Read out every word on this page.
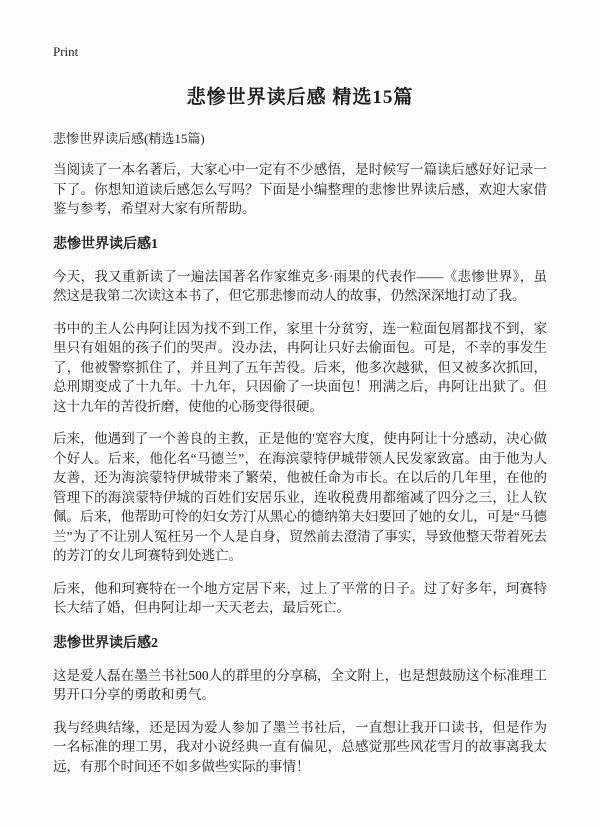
Print
悲惨世界读后感 精选15篇
悲惨世界读后感(精选15篇)

当阅读了一本名著后，大家心中一定有不少感悟，是时候写一篇读后感好好记录一下了。你想知道读后感怎么写吗？下面是小编整理的悲惨世界读后感，欢迎大家借鉴与参考，希望对大家有所帮助。

悲惨世界读后感1

今天，我又重新读了一遍法国著名作家维克多·雨果的代表作——《悲惨世界》，虽然这是我第二次读这本书了，但它那悲惨而动人的故事，仍然深深地打动了我。

书中的主人公冉阿让因为找不到工作，家里十分贫穷，连一粒面包屑都找不到，家里只有姐姐的孩子们的哭声。没办法，冉阿让只好去偷面包。可是，不幸的事发生了，他被警察抓住了，并且判了五年苦役。后来，他多次越狱，但又被多次抓回，总刑期变成了十九年。十九年，只因偷了一块面包！刑满之后，冉阿让出狱了。但这十九年的苦役折磨，使他的心肠变得很硬。

后来，他遇到了一个善良的主教，正是他的'宽容大度，使冉阿让十分感动，决心做个好人。后来，他化名“马德兰”，在海滨蒙特伊城带领人民发家致富。由于他为人友善，还为海滨蒙特伊城带来了繁荣，他被任命为市长。在以后的几年里，在他的管理下的海滨蒙特伊城的百姓们安居乐业，连收税费用都缩减了四分之三，让人钦佩。后来，他帮助可怜的妇女芳汀从黑心的德纳第夫妇要回了她的女儿，可是“马德兰”为了不让别人冤枉另一个人是自身，贸然前去澄清了事实，导致他整天带着死去的芳汀的女儿珂赛特到处逃亡。

后来，他和珂赛特在一个地方定居下来，过上了平常的日子。过了好多年，珂赛特长大结了婚，但冉阿让却一天天老去，最后死亡。

悲惨世界读后感2

这是爱人磊在墨兰书社500人的群里的分享稿，全文附上，也是想鼓励这个标准理工男开口分享的勇敢和勇气。

我与经典结缘，还是因为爱人参加了墨兰书社后，一直想让我开口读书，但是作为一名标准的理工男，我对小说经典一直有偏见，总感觉那些风花雪月的故事离我太远，有那个时间还不如多做些实际的事情！
